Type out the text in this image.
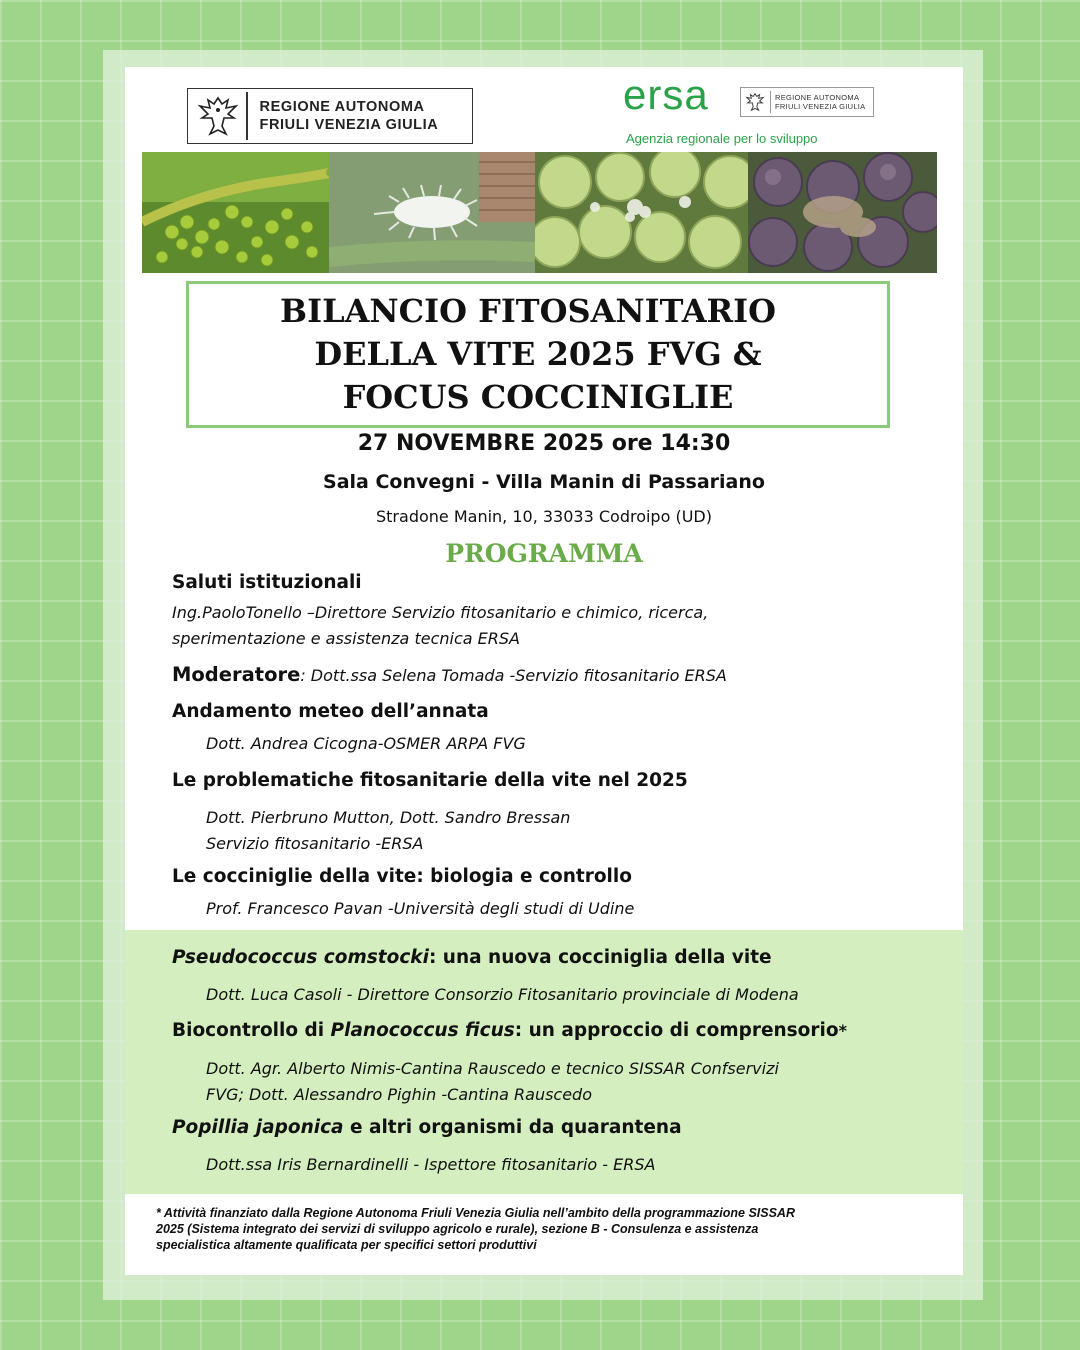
REGIONE AUTONOMA
FRIULI VENEZIA GIULIA
ersa	REGIONE AUTONOMA
FRIULI VENEZIA GIULIA
Agenzia regionale per lo sviluppo
BILANCIO FITOSANITARIO
DELLA VITE 2025 FVG &
FOCUS COCCINIGLIE
27 NOVEMBRE 2025 ore 14:30
Sala Convegni - Villa Manin di Passariano
Stradone Manin, 10, 33033 Codroipo (UD)
PROGRAMMA
Saluti istituzionali
Ing.PaoloTonello –Direttore Servizio fitosanitario e chimico, ricerca,
sperimentazione e assistenza tecnica ERSA
Moderatore: Dott.ssa Selena Tomada -Servizio fitosanitario ERSA
Andamento meteo dell’annata
Dott. Andrea Cicogna-OSMER ARPA FVG
Le problematiche fitosanitarie della vite nel 2025
Dott. Pierbruno Mutton, Dott. Sandro Bressan
Servizio fitosanitario -ERSA
Le cocciniglie della vite: biologia e controllo
Prof. Francesco Pavan -Università degli studi di Udine
Pseudococcus comstocki: una nuova cocciniglia della vite
Dott. Luca Casoli - Direttore Consorzio Fitosanitario provinciale di Modena
Biocontrollo di Planococcus ficus: un approccio di comprensorio*
Dott. Agr. Alberto Nimis-Cantina Rauscedo e tecnico SISSAR Confservizi
FVG; Dott. Alessandro Pighin -Cantina Rauscedo
Popillia japonica e altri organismi da quarantena
Dott.ssa Iris Bernardinelli - Ispettore fitosanitario - ERSA
* Attività finanziato dalla Regione Autonoma Friuli Venezia Giulia nell’ambito della programmazione SISSAR
2025 (Sistema integrato dei servizi di sviluppo agricolo e rurale), sezione B - Consulenza e assistenza
specialistica altamente qualificata per specifici settori produttivi
